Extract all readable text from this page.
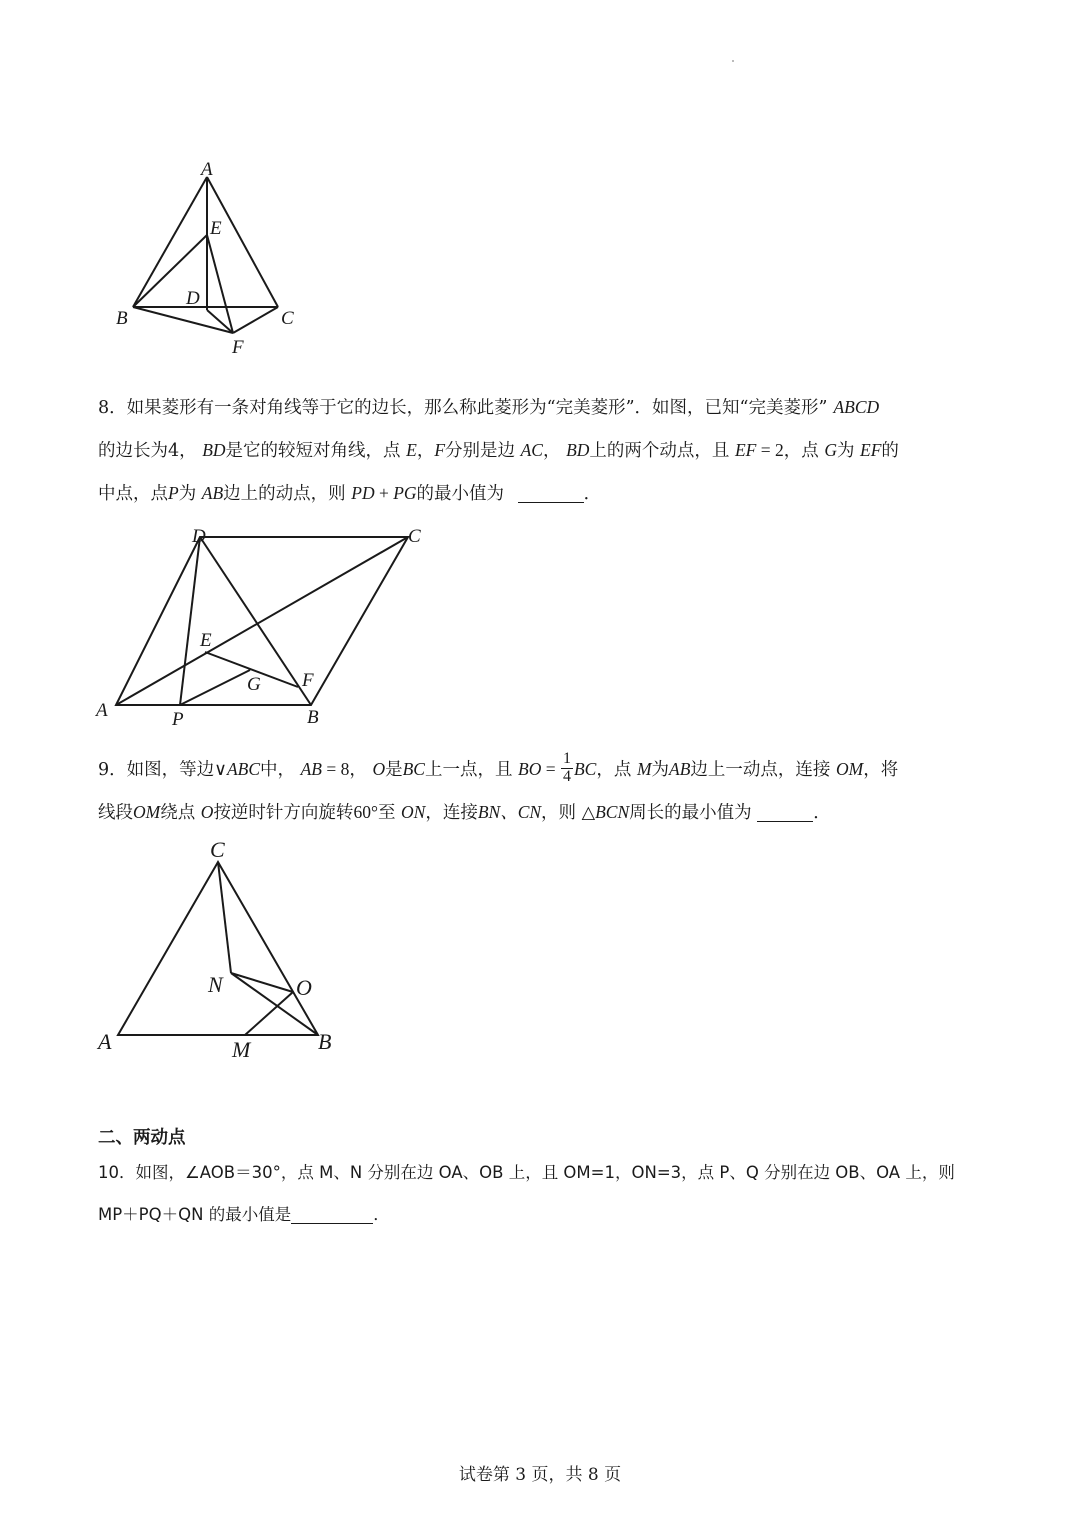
A
E
D
B	C
F
8．如果菱形有一条对角线等于它的边长，那么称此菱形为“完美菱形”．如图，已知“完美菱形” ABCD
的边长为4， BD是它的较短对角线，点 E，F分别是边 AC， BD上的两个动点，且 EF = 2，点 G为 EF的
中点，点P为 AB边上的动点，则 PD + PG的最小值为	．
D	C
E
G F
A	P	B
9．如图，等边∨ABC中， AB = 8， O是BC上一点，且 BO = $\frac{1}{4}$ BC，点 M为AB边上一动点，连接 OM，将
线段OM绕点 O按逆时针方向旋转60°至 ON，连接BN、CN，则 △BCN周长的最小值为	．
C
N	O
A	M	B

二、两动点

10．如图，∠AOB＝30°，点 M、N 分别在边 OA、OB 上，且 OM=1，ON=3，点 P、Q 分别在边 OB、OA 上，则
MP＋PQ＋QN 的最小值是	．

试卷第 3 页，共 8 页
